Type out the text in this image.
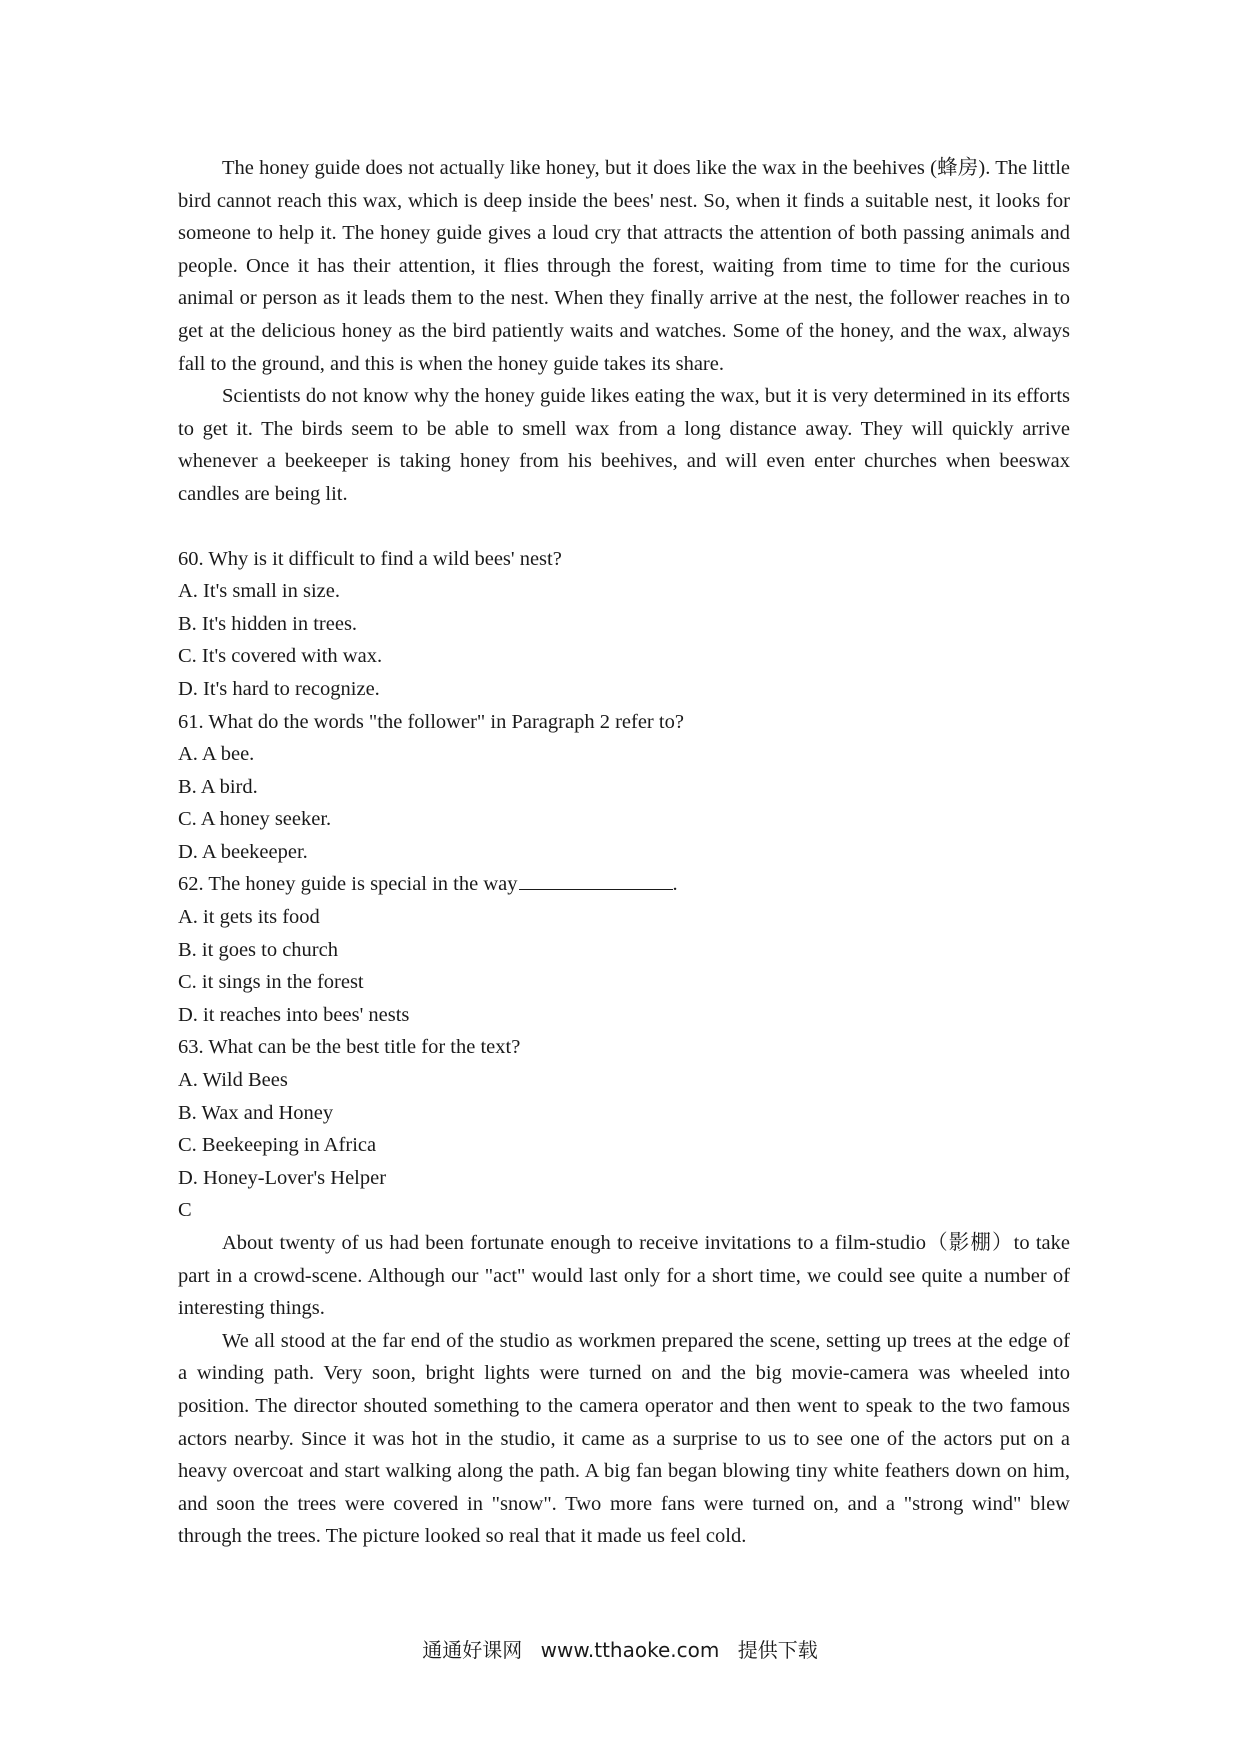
The honey guide does not actually like honey, but it does like the wax in the beehives (蜂房). The little bird cannot reach this wax, which is deep inside the bees' nest. So, when it finds a suitable nest, it looks for someone to help it. The honey guide gives a loud cry that attracts the attention of both passing animals and people. Once it has their attention, it flies through the forest, waiting from time to time for the curious animal or person as it leads them to the nest. When they finally arrive at the nest, the follower reaches in to get at the delicious honey as the bird patiently waits and watches. Some of the honey, and the wax, always fall to the ground, and this is when the honey guide takes its share.

Scientists do not know why the honey guide likes eating the wax, but it is very determined in its efforts to get it. The birds seem to be able to smell wax from a long distance away. They will quickly arrive whenever a beekeeper is taking honey from his beehives, and will even enter churches when beeswax candles are being lit.

60. Why is it difficult to find a wild bees' nest?

A. It's small in size.

B. It's hidden in trees.

C. It's covered with wax.

D. It's hard to recognize.

61. What do the words "the follower" in Paragraph 2 refer to?

A. A bee.

B. A bird.

C. A honey seeker.

D. A beekeeper.

62. The honey guide is special in the way	.

A. it gets its food

B. it goes to church

C. it sings in the forest

D. it reaches into bees' nests

63. What can be the best title for the text?

A. Wild Bees

B. Wax and Honey

C. Beekeeping in Africa

D. Honey-Lover's Helper

C

About twenty of us had been fortunate enough to receive invitations to a film-studio（影棚）to take part in a crowd-scene. Although our "act" would last only for a short time, we could see quite a number of interesting things.

We all stood at the far end of the studio as workmen prepared the scene, setting up trees at the edge of a winding path. Very soon, bright lights were turned on and the big movie-camera was wheeled into position. The director shouted something to the camera operator and then went to speak to the two famous actors nearby. Since it was hot in the studio, it came as a surprise to us to see one of the actors put on a heavy overcoat and start walking along the path. A big fan began blowing tiny white feathers down on him, and soon the trees were covered in "snow". Two more fans were turned on, and a "strong wind" blew through the trees. The picture looked so real that it made us feel cold.

通通好课网 www.tthaoke.com 提供下载
